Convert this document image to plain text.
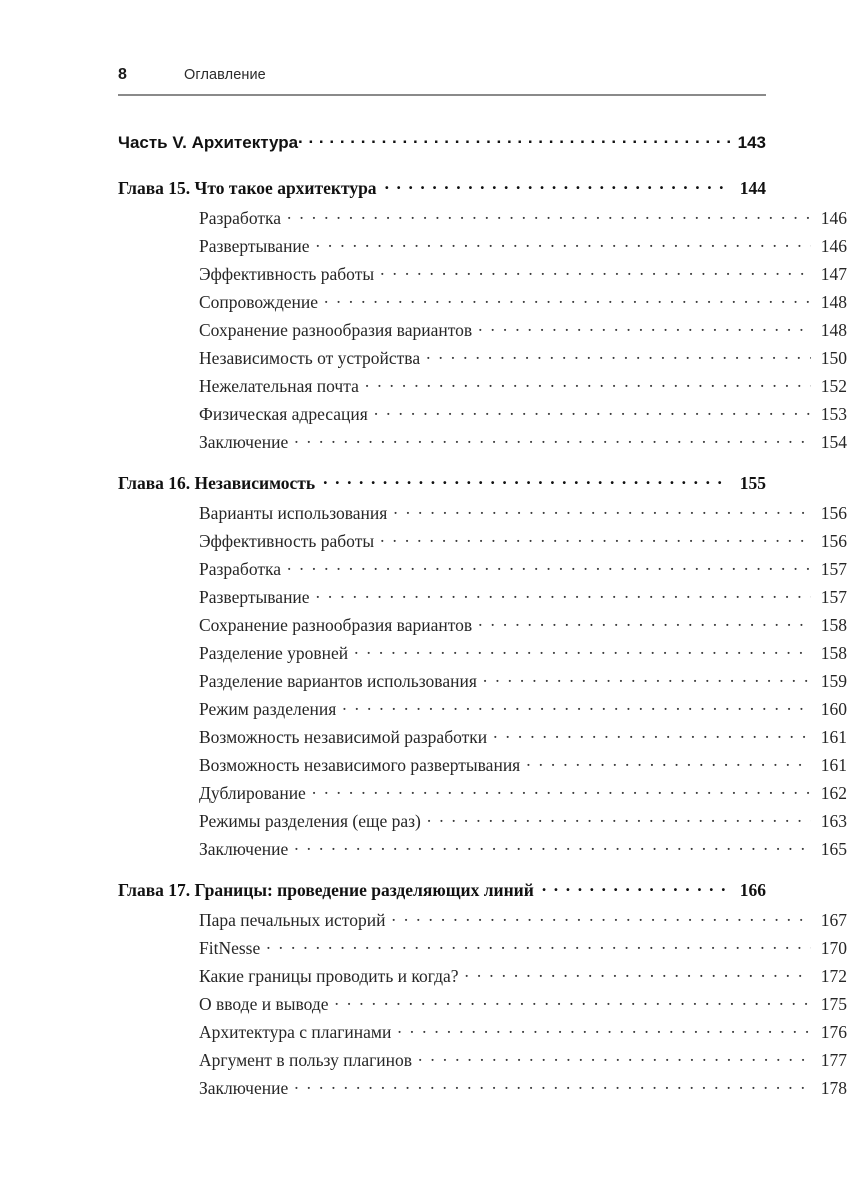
8	Оглавление
Часть V. Архитектура . . .	143
Глава 15. Что такое архитектура . . .	144
Разработка . . .	146
Развертывание . . .	146
Эффективность работы . . .	147
Сопровождение . . .	148
Сохранение разнообразия вариантов . . .	148
Независимость от устройства . . .	150
Нежелательная почта . . .	152
Физическая адресация . . .	153
Заключение . . .	154
Глава 16. Независимость . . .	155
Варианты использования . . .	156
Эффективность работы . . .	156
Разработка . . .	157
Развертывание . . .	157
Сохранение разнообразия вариантов . . .	158
Разделение уровней . . .	158
Разделение вариантов использования . . .	159
Режим разделения . . .	160
Возможность независимой разработки . . .	161
Возможность независимого развертывания . . .	161
Дублирование . . .	162
Режимы разделения (еще раз) . . .	163
Заключение . . .	165
Глава 17. Границы: проведение разделяющих линий . . .	166
Пара печальных историй . . .	167
FitNesse . . .	170
Какие границы проводить и когда? . . .	172
О вводе и выводе . . .	175
Архитектура с плагинами . . .	176
Аргумент в пользу плагинов . . .	177
Заключение . . .	178
